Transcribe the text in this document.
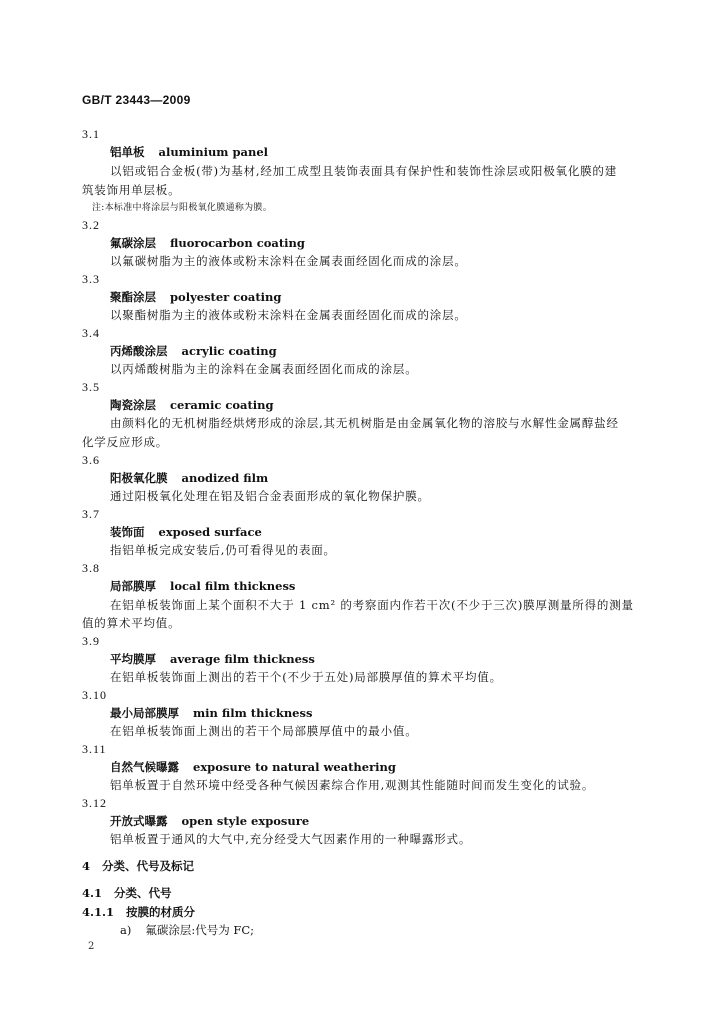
GB/T 23443—2009
3.1
铝单板 aluminium panel
以铝或铝合金板(带)为基材,经加工成型且装饰表面具有保护性和装饰性涂层或阳极氧化膜的建
筑装饰用单层板。
注:本标准中将涂层与阳极氧化膜通称为膜。
3.2
氟碳涂层 fluorocarbon coating
以氟碳树脂为主的液体或粉末涂料在金属表面经固化而成的涂层。
3.3
聚酯涂层 polyester coating
以聚酯树脂为主的液体或粉末涂料在金属表面经固化而成的涂层。
3.4
丙烯酸涂层 acrylic coating
以丙烯酸树脂为主的涂料在金属表面经固化而成的涂层。
3.5
陶瓷涂层 ceramic coating
由颜料化的无机树脂经烘烤形成的涂层,其无机树脂是由金属氧化物的溶胶与水解性金属醇盐经
化学反应形成。
3.6
阳极氧化膜 anodized film
通过阳极氧化处理在铝及铝合金表面形成的氧化物保护膜。
3.7
装饰面 exposed surface
指铝单板完成安装后,仍可看得见的表面。
3.8
局部膜厚 local film thickness
在铝单板装饰面上某个面积不大于 1 cm² 的考察面内作若干次(不少于三次)膜厚测量所得的测量
值的算术平均值。
3.9
平均膜厚 average film thickness
在铝单板装饰面上测出的若干个(不少于五处)局部膜厚值的算术平均值。
3.10
最小局部膜厚 min film thickness
在铝单板装饰面上测出的若干个局部膜厚值中的最小值。
3.11
自然气候曝露 exposure to natural weathering
铝单板置于自然环境中经受各种气候因素综合作用,观测其性能随时间而发生变化的试验。
3.12
开放式曝露 open style exposure
铝单板置于通风的大气中,充分经受大气因素作用的一种曝露形式。
4 分类、代号及标记
4.1 分类、代号
4.1.1 按膜的材质分
a) 氟碳涂层:代号为 FC;
2
